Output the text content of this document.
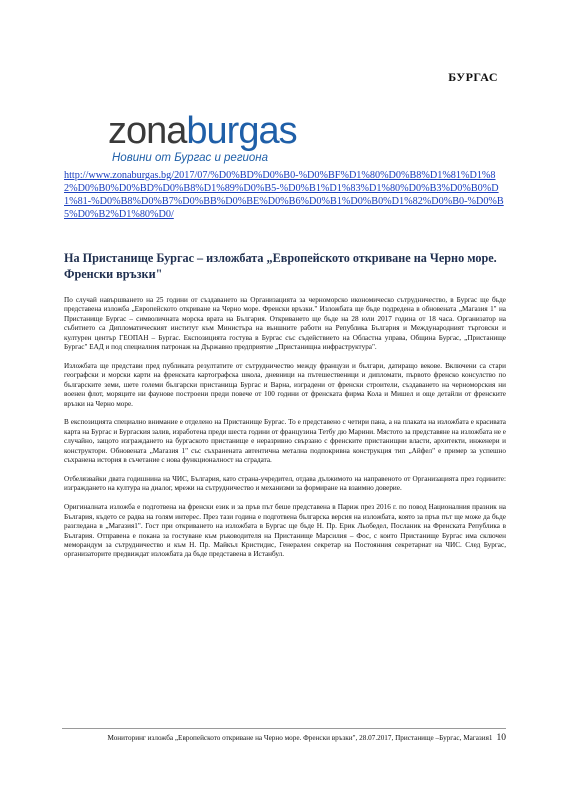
БУРГАС
zona burgas
Новини от Бургас и региона
http://www.zonaburgas.bg/2017/07/%D0%BD%D0%B0-%D0%BF%D1%80%D0%B8%D1%81%D1%82%D0%B0%D0%BD%D0%B8%D1%89%D0%B5-%D0%B1%D1%83%D1%80%D0%B3%D0%B0%D1%81-%D0%B8%D0%B7%D0%BB%D0%BE%D0%B6%D0%B1%D0%B0%D1%82%D0%B0-%D0%B5%D0%B2%D1%80%D0/
На Пристанище Бургас – изложбата „Европейското откриване на Черно море. Френски връзки"

По случай навършването на 25 години от създаването на Организацията за черноморско икономическо сътрудничество, в Бургас ще бъде представена изложба „Европейското откриване на Черно море. Френски връзки." Изложбата ще бъде подредена в обновената „Магазия 1" на Пристанище Бургас – символичната морска врата на България. Откриването ще бъде на 28 юли 2017 година от 18 часа. Организатор на събитието са Дипломатическият институт към Министъра на външните работи на Република България и Международният търговски и културен център ГЕОПАН – Бургас. Експозицията гостува в Бургас със съдействието на Областна управа, Община Бургас, „Пристанище Бургас" ЕАД и под специалния патронаж на Държавно предприятие „Пристанищна инфраструктура".

Изложбата ще представи пред публиката резултатите от сътрудничество между французи и българи, датиращо векове. Включени са стари географски и морски карти на френската картографска школа, дневници на пътешественици и дипломати, първото френско консулство по българските земи, шете големи български пристанища Бургас и Варна, изградени от френски строители, създаването на черноморския ни военен флот, моряците ни фаунове построени преди повече от 100 години от френската фирма Кола и Мишел и още детайли от френските връзки на Черно море.

В експозицията специално внимание е отделено на Пристанище Бургас. То е представено с четири пана, а на плаката на изложбата е красивата карта на Бургас и Бургаския залив, изработена преди шеста години от французина Тетбу дю Марини. Мястото за представяне на изложбата не е случайно, защото изграждането на бургаското пристанище е неразривно свързано с френските пристанищни власти, архитекти, инженери и конструктори. Обновената „Магазия 1" със съхранената автентична метална подпокривна конструкция тип „Айфел" е пример за успешно съхранена история в съчетание с нова функционалност на сградата.

Отбелязвайки двата годишнина на ЧИС, България, като страна-учредител, отдава дължимото на направеното от Организацията през годините: изграждането на култура на диалог, мрежи на сътрудничество и механизми за формиране на взаимно доверие.

Оригиналната изложба е подготвена на френски език и за пръв път беше представена в Париж през 2016 г. по повод Националния празник на България, където се радва на голям интерес. През тази година е подготвена българска версия на изложбата, която за пръв път ще може да бъде разгледана в „Магазия1". Гост при откриването на изложбата в Бургас ще бъде Н. Пр. Ерик Льобедел, Посланик на Френската Република в България. Отправена е покана за гостуване към ръководителя на Пристанище Марсилия – Фос, с които Пристанище Бургас има сключен меморандум за сътрудничество и към Н. Пр. Майкъл Кристидис, Генерален секретар на Постоянния секретариат на ЧИС. След Бургас, организаторите предвиждат изложбата да бъде представена в Истанбул.

Мониторинг изложба „Европейското откриване на Черно море. Френски връзки", 28.07.2017, Пристанище –Бургас, Магазия1 10
